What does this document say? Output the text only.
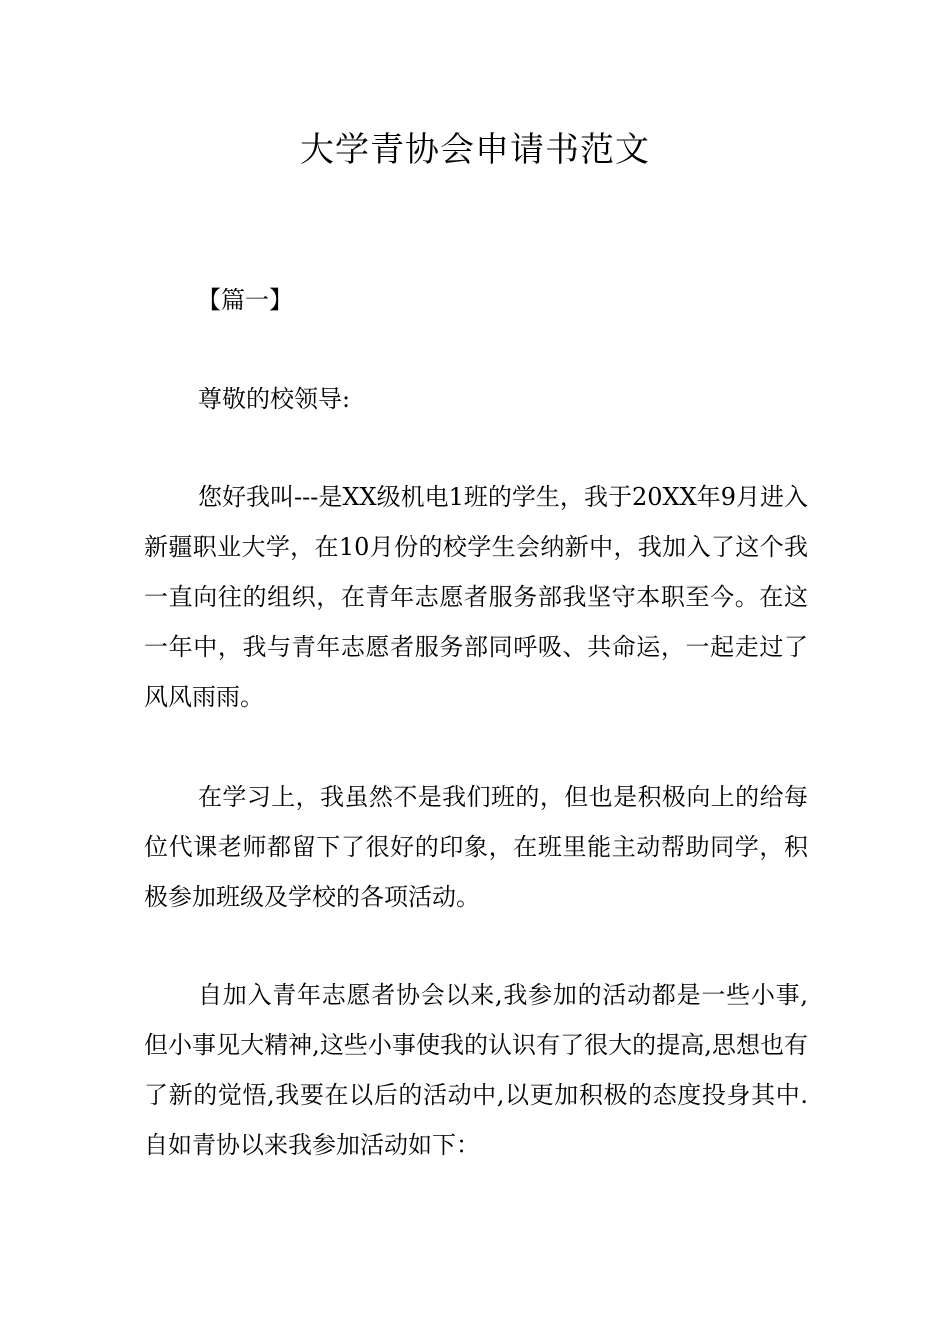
大学青协会申请书范文

【篇一】

尊敬的校领导:

您好我叫---是XX级机电1班的学生，我于20XX年9月进入新疆职业大学，在10月份的校学生会纳新中，我加入了这个我一直向往的组织，在青年志愿者服务部我坚守本职至今。在这一年中，我与青年志愿者服务部同呼吸、共命运，一起走过了风风雨雨。

在学习上，我虽然不是我们班的，但也是积极向上的给每位代课老师都留下了很好的印象，在班里能主动帮助同学，积极参加班级及学校的各项活动。

自加入青年志愿者协会以来,我参加的活动都是一些小事,但小事见大精神,这些小事使我的认识有了很大的提高,思想也有了新的觉悟,我要在以后的活动中,以更加积极的态度投身其中.自如青协以来我参加活动如下：
